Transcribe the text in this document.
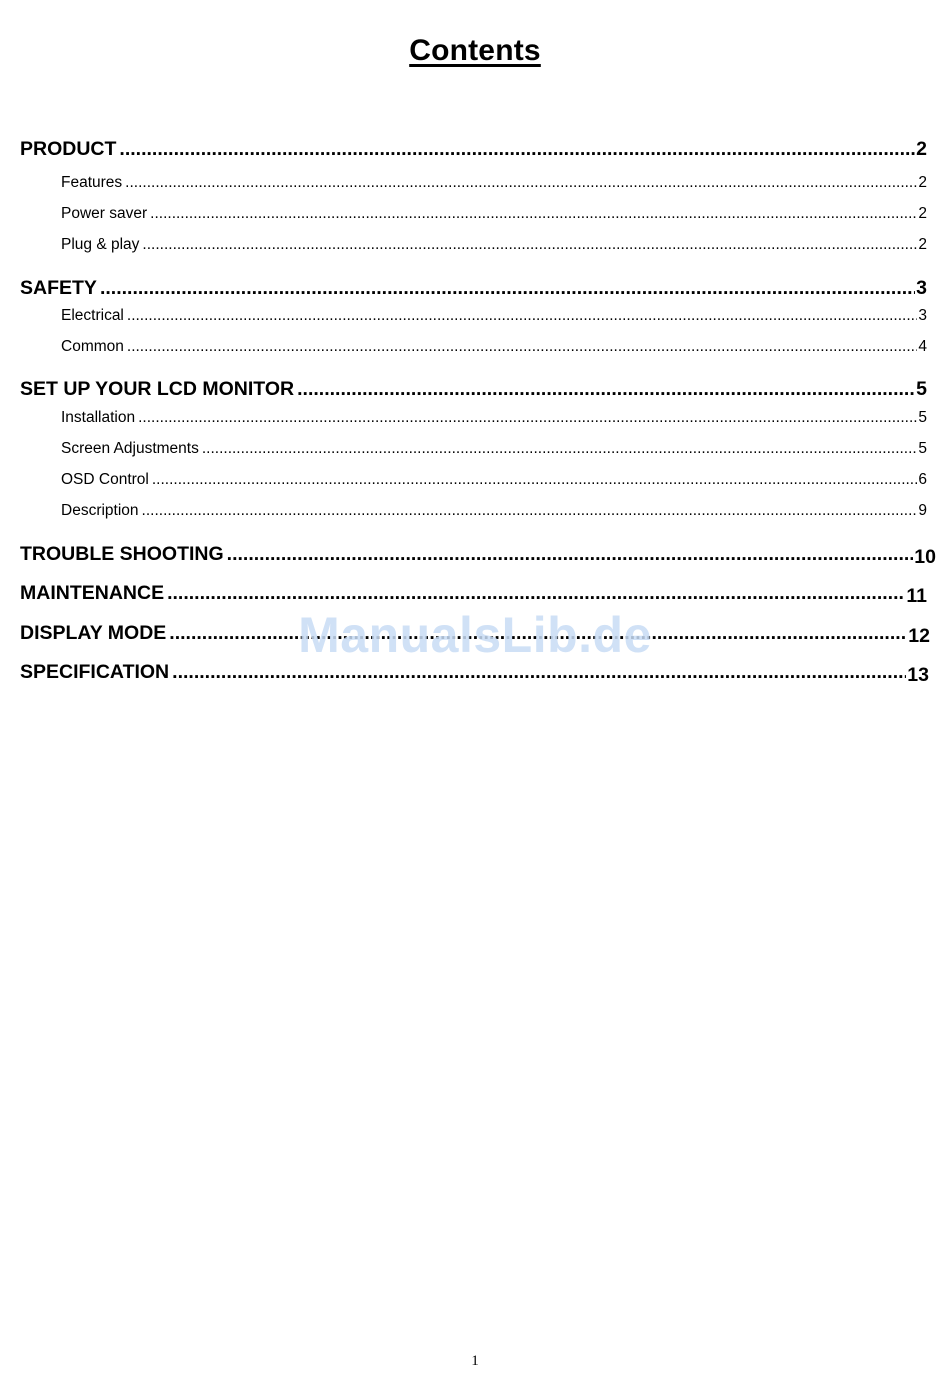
Contents
PRODUCT .....	2
Features .....	2
Power saver .....	2
Plug & play .....	2
SAFETY .....	3
Electrical .....	3
Common .....	4
SET UP YOUR LCD MONITOR .....	5
Installation .....	5
Screen Adjustments .....	5
OSD Control .....	6
Description .....	9
TROUBLE SHOOTING .....	10
MAINTENANCE .....	11
DISPLAY MODE .....	12
SPECIFICATION .....	13
ManualsLib.de
1
